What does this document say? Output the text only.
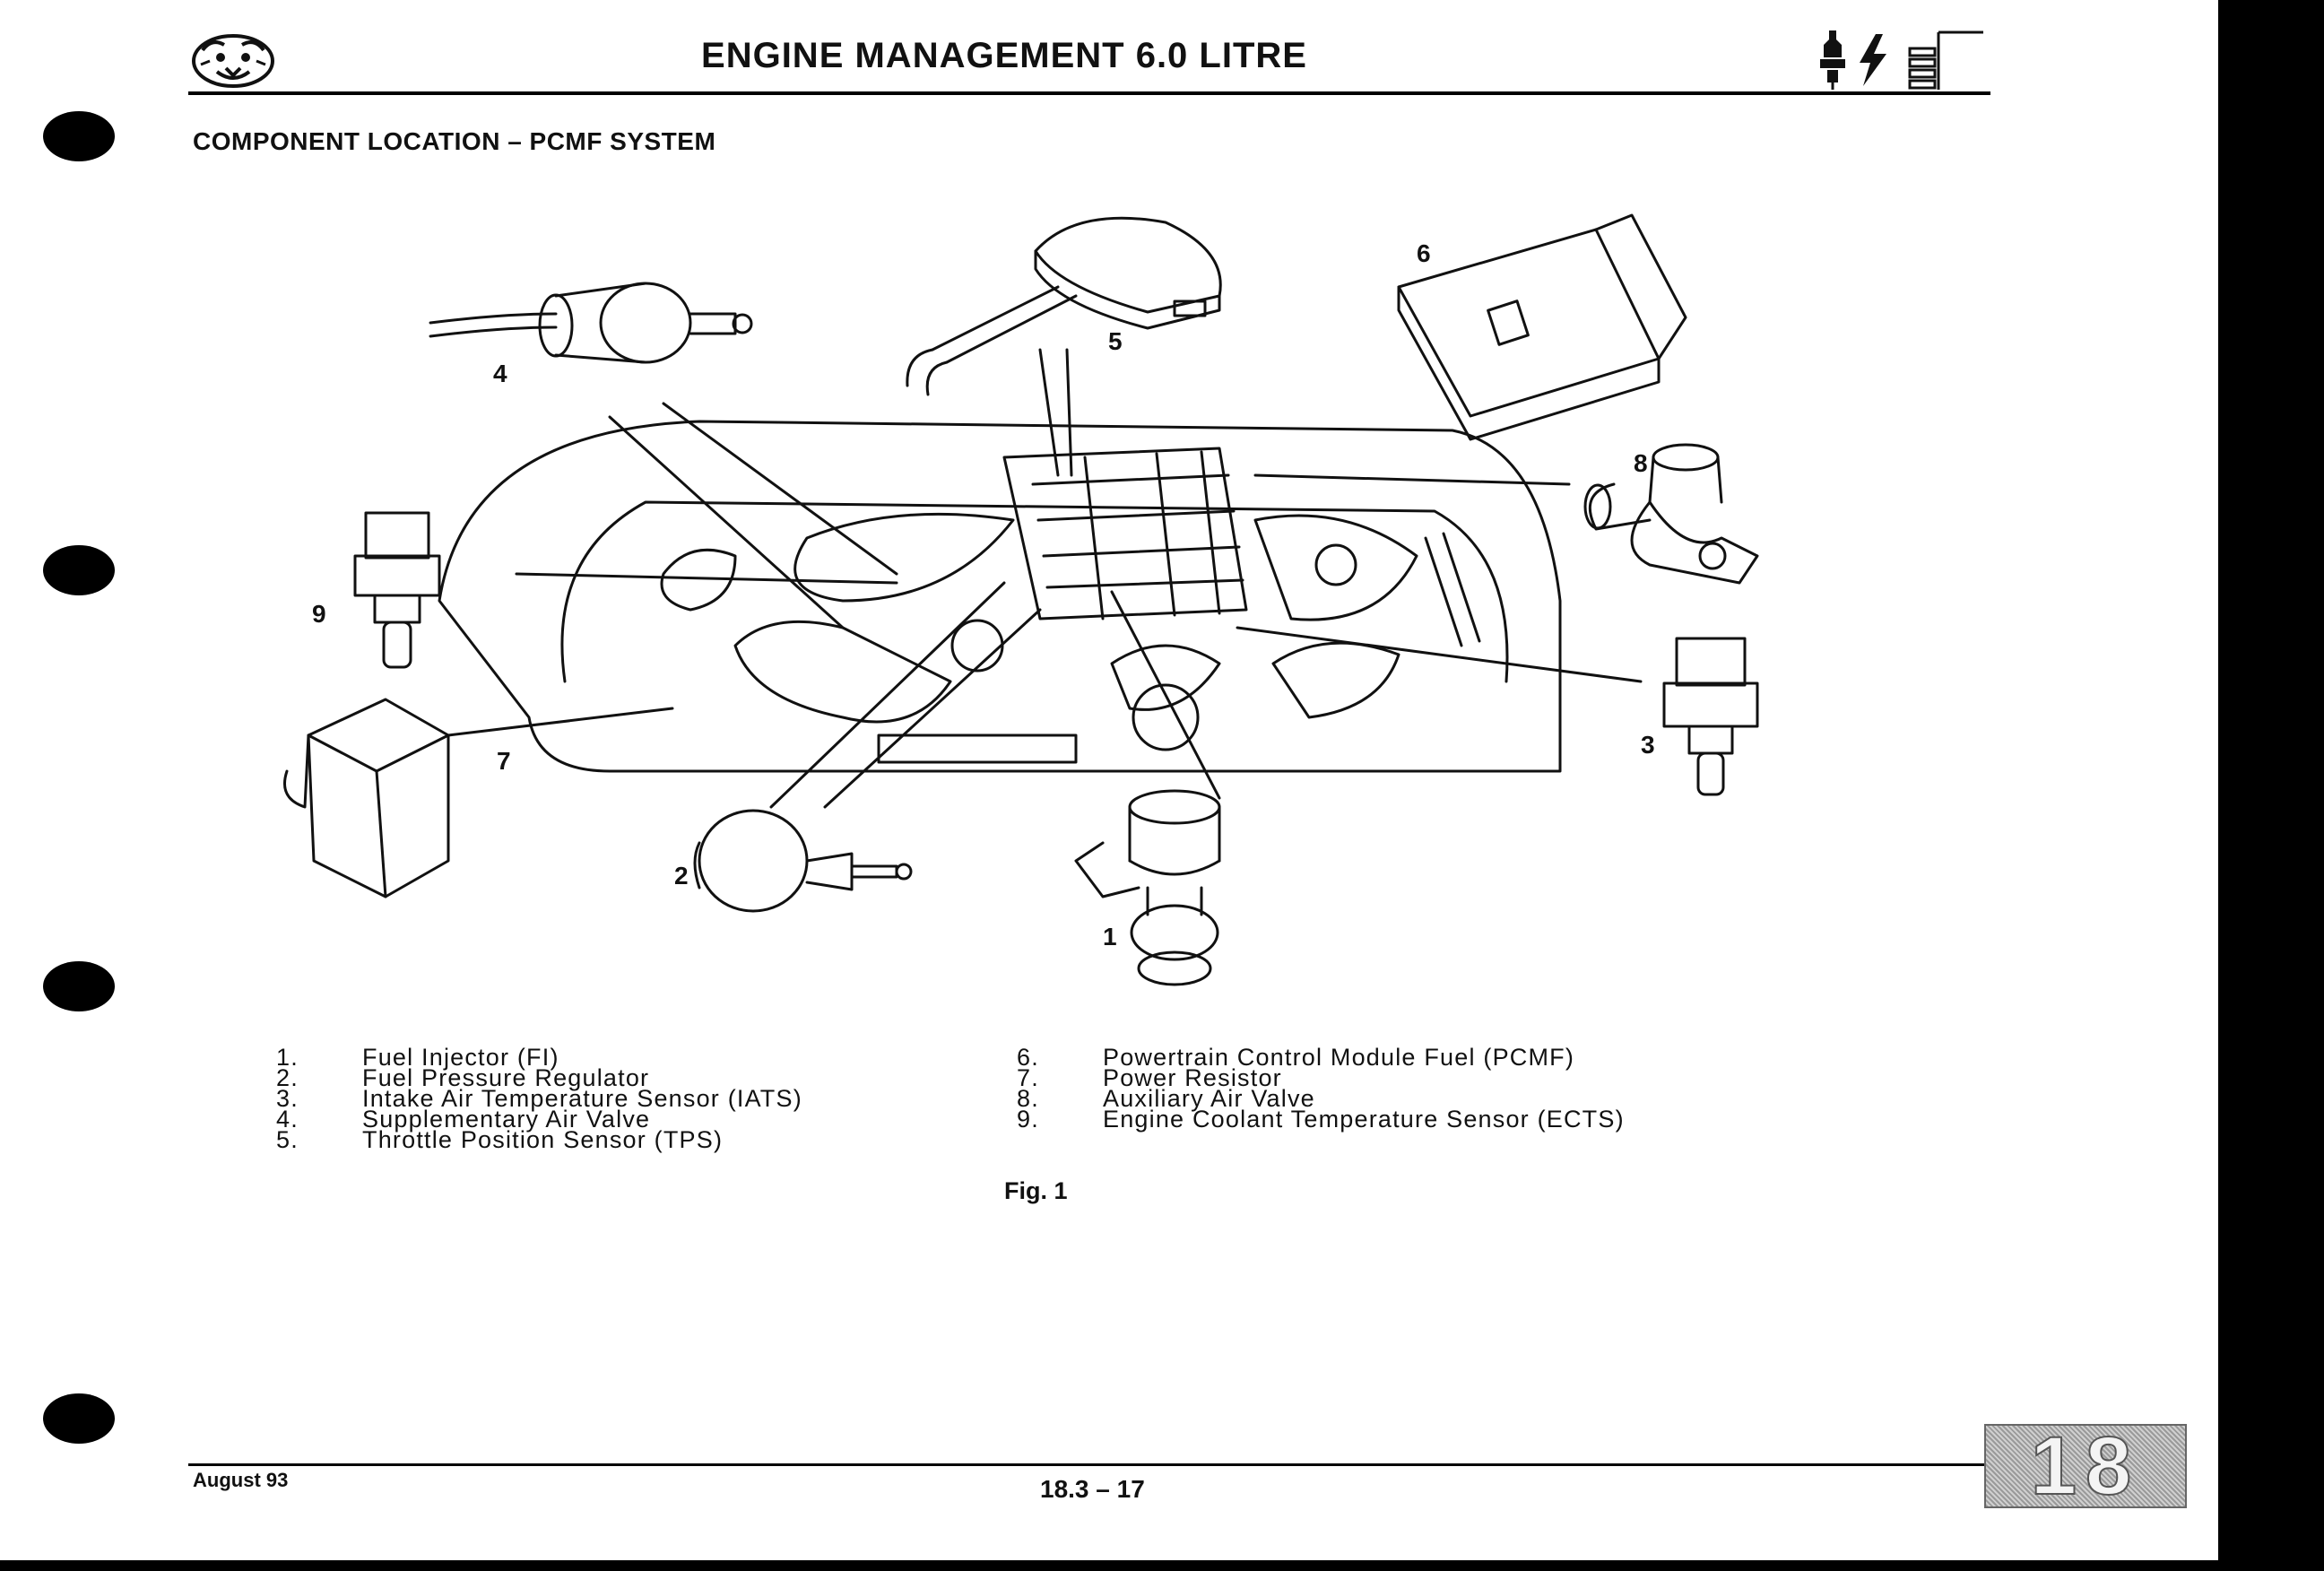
ENGINE MANAGEMENT 6.0 LITRE
COMPONENT LOCATION – PCMF SYSTEM
4
5
6
8
9
3
7
2
1
1.	Fuel Injector (FI)
2.	Fuel Pressure Regulator
3.	Intake Air Temperature Sensor (IATS)
4.	Supplementary Air Valve
5.	Throttle Position Sensor (TPS)
6.	Powertrain Control Module Fuel (PCMF)
7.	Power Resistor
8.	Auxiliary Air Valve
9.	Engine Coolant Temperature Sensor (ECTS)
Fig. 1
August 93	18.3 – 17	18
